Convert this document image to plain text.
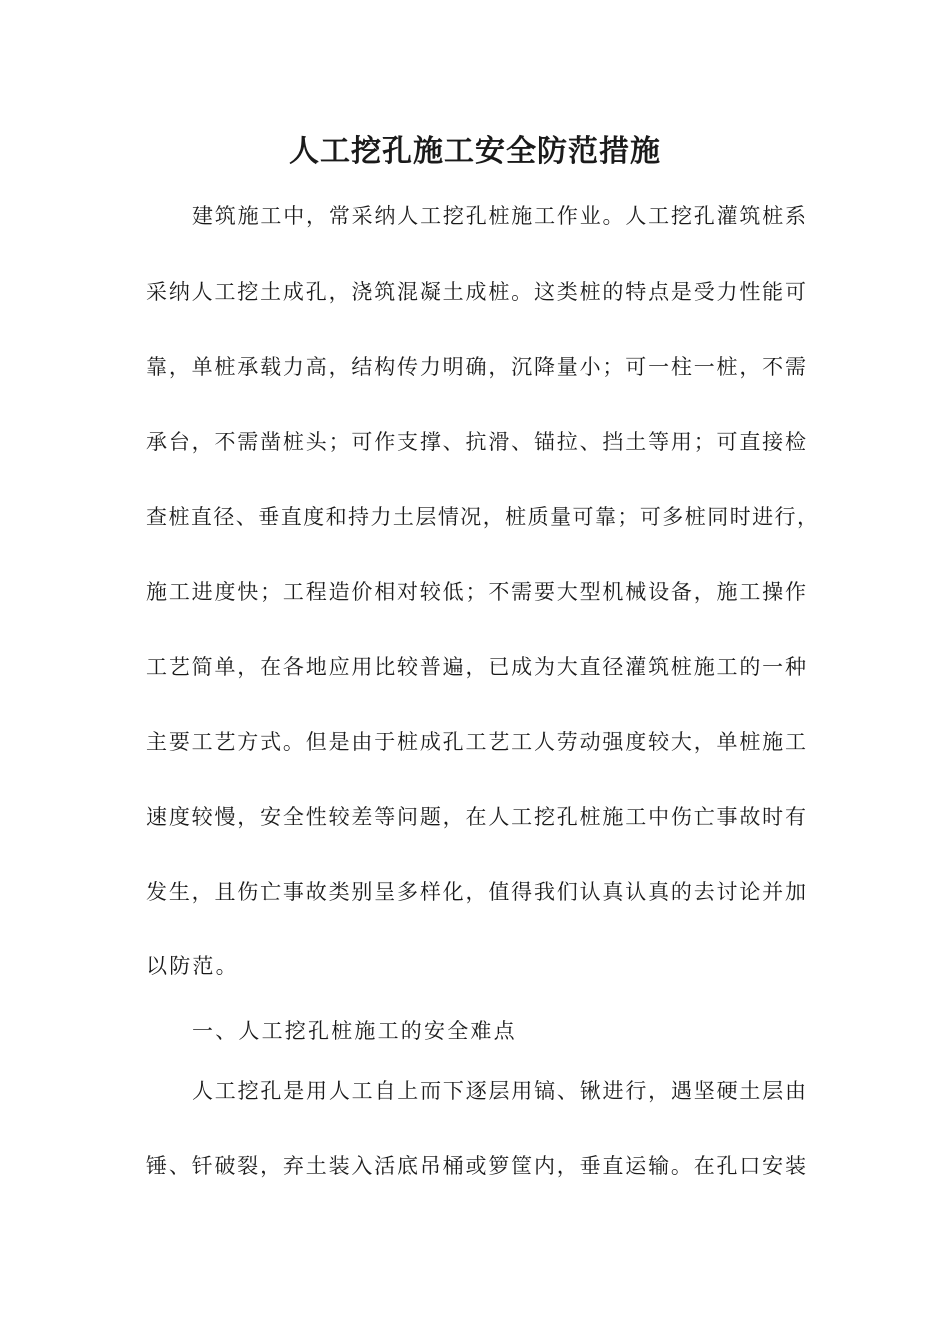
人工挖孔施工安全防范措施
建筑施工中，常采纳人工挖孔桩施工作业。人工挖孔灌筑桩系
采纳人工挖土成孔，浇筑混凝土成桩。这类桩的特点是受力性能可
靠，单桩承载力高，结构传力明确，沉降量小；可一柱一桩，不需
承台，不需凿桩头；可作支撑、抗滑、锚拉、挡土等用；可直接检
查桩直径、垂直度和持力土层情况，桩质量可靠；可多桩同时进行，
施工进度快；工程造价相对较低；不需要大型机械设备，施工操作
工艺简单，在各地应用比较普遍，已成为大直径灌筑桩施工的一种
主要工艺方式。但是由于桩成孔工艺工人劳动强度较大，单桩施工
速度较慢，安全性较差等问题，在人工挖孔桩施工中伤亡事故时有
发生，且伤亡事故类别呈多样化，值得我们认真认真的去讨论并加
以防范。
一、人工挖孔桩施工的安全难点
人工挖孔是用人工自上而下逐层用镐、锹进行，遇坚硬土层由
锤、钎破裂，弃土装入活底吊桶或箩筐内，垂直运输。在孔口安装
